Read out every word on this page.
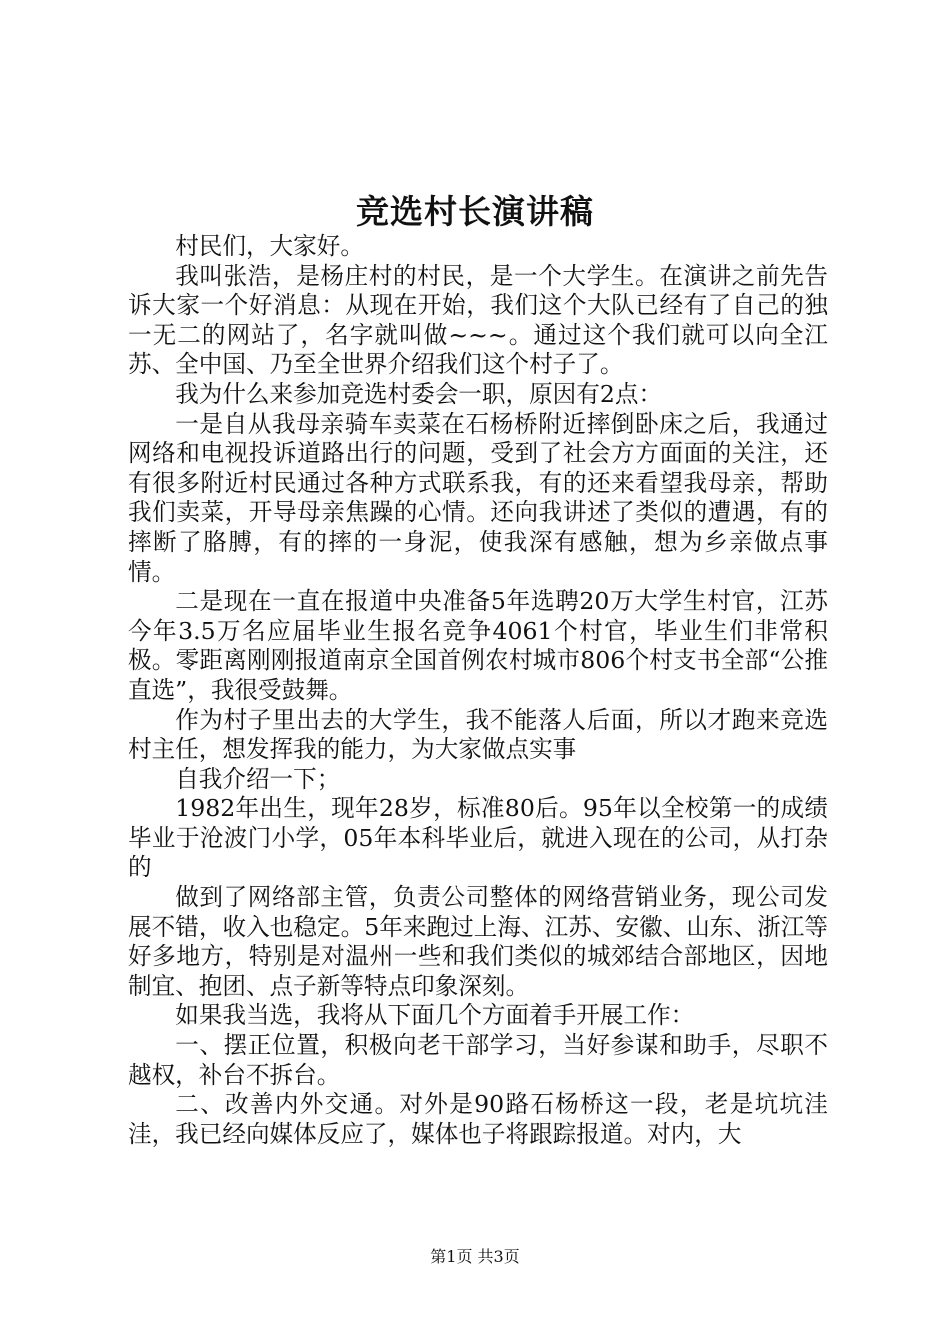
竞选村长演讲稿

村民们，大家好。

我叫张浩，是杨庄村的村民，是一个大学生。在演讲之前先告诉大家一个好消息：从现在开始，我们这个大队已经有了自己的独一无二的网站了，名字就叫做~~~。通过这个我们就可以向全江苏、全中国、乃至全世界介绍我们这个村子了。

我为什么来参加竞选村委会一职，原因有2点：

一是自从我母亲骑车卖菜在石杨桥附近摔倒卧床之后，我通过网络和电视投诉道路出行的问题，受到了社会方方面面的关注，还有很多附近村民通过各种方式联系我，有的还来看望我母亲，帮助我们卖菜，开导母亲焦躁的心情。还向我讲述了类似的遭遇，有的摔断了胳膊，有的摔的一身泥，使我深有感触，想为乡亲做点事情。

二是现在一直在报道中央准备5年选聘20万大学生村官，江苏今年3.5万名应届毕业生报名竞争4061个村官，毕业生们非常积极。零距离刚刚报道南京全国首例农村城市806个村支书全部“公推直选”，我很受鼓舞。

作为村子里出去的大学生，我不能落人后面，所以才跑来竞选村主任，想发挥我的能力，为大家做点实事

自我介绍一下；

1982年出生，现年28岁，标准80后。95年以全校第一的成绩毕业于沧波门小学，05年本科毕业后，就进入现在的公司，从打杂的

做到了网络部主管，负责公司整体的网络营销业务，现公司发展不错，收入也稳定。5年来跑过上海、江苏、安徽、山东、浙江等好多地方，特别是对温州一些和我们类似的城郊结合部地区，因地制宜、抱团、点子新等特点印象深刻。

如果我当选，我将从下面几个方面着手开展工作：

一、摆正位置，积极向老干部学习，当好参谋和助手，尽职不越权，补台不拆台。

二、改善内外交通。对外是90路石杨桥这一段，老是坑坑洼洼，我已经向媒体反应了，媒体也子将跟踪报道。对内，大

第1页 共3页
